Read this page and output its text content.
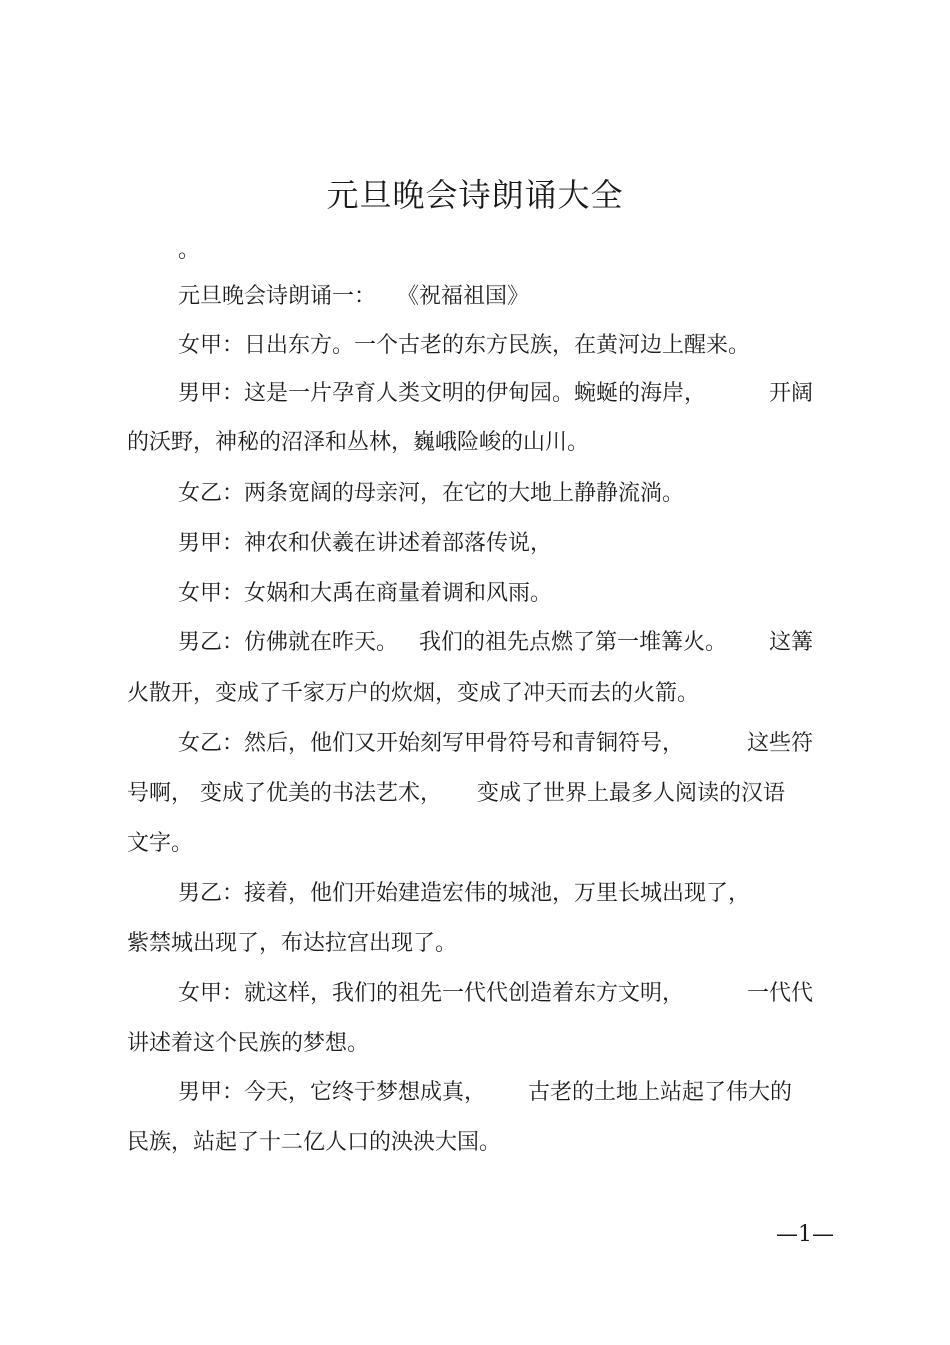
元旦晚会诗朗诵大全
。
元旦晚会诗朗诵一：   《祝福祖国》
女甲：日出东方。一个古老的东方民族，在黄河边上醒来。
男甲：这是一片孕育人类文明的伊甸园。蜿蜒的海岸，         开阔
的沃野，神秘的沼泽和丛林，巍峨险峻的山川。
女乙：两条宽阔的母亲河，在它的大地上静静流淌。
男甲：神农和伏羲在讲述着部落传说，
女甲：女娲和大禹在商量着调和风雨。
男乙：仿佛就在昨天。   我们的祖先点燃了第一堆篝火。      这篝
火散开，变成了千家万户的炊烟，变成了冲天而去的火箭。
女乙：然后，他们又开始刻写甲骨符号和青铜符号，         这些符
号啊， 变成了优美的书法艺术，     变成了世界上最多人阅读的汉语
文字。
男乙：接着，他们开始建造宏伟的城池，万里长城出现了，
紫禁城出现了，布达拉宫出现了。
女甲：就这样，我们的祖先一代代创造着东方文明，         一代代
讲述着这个民族的梦想。
男甲：今天，它终于梦想成真，      古老的土地上站起了伟大的
民族，站起了十二亿人口的泱泱大国。
—1—
